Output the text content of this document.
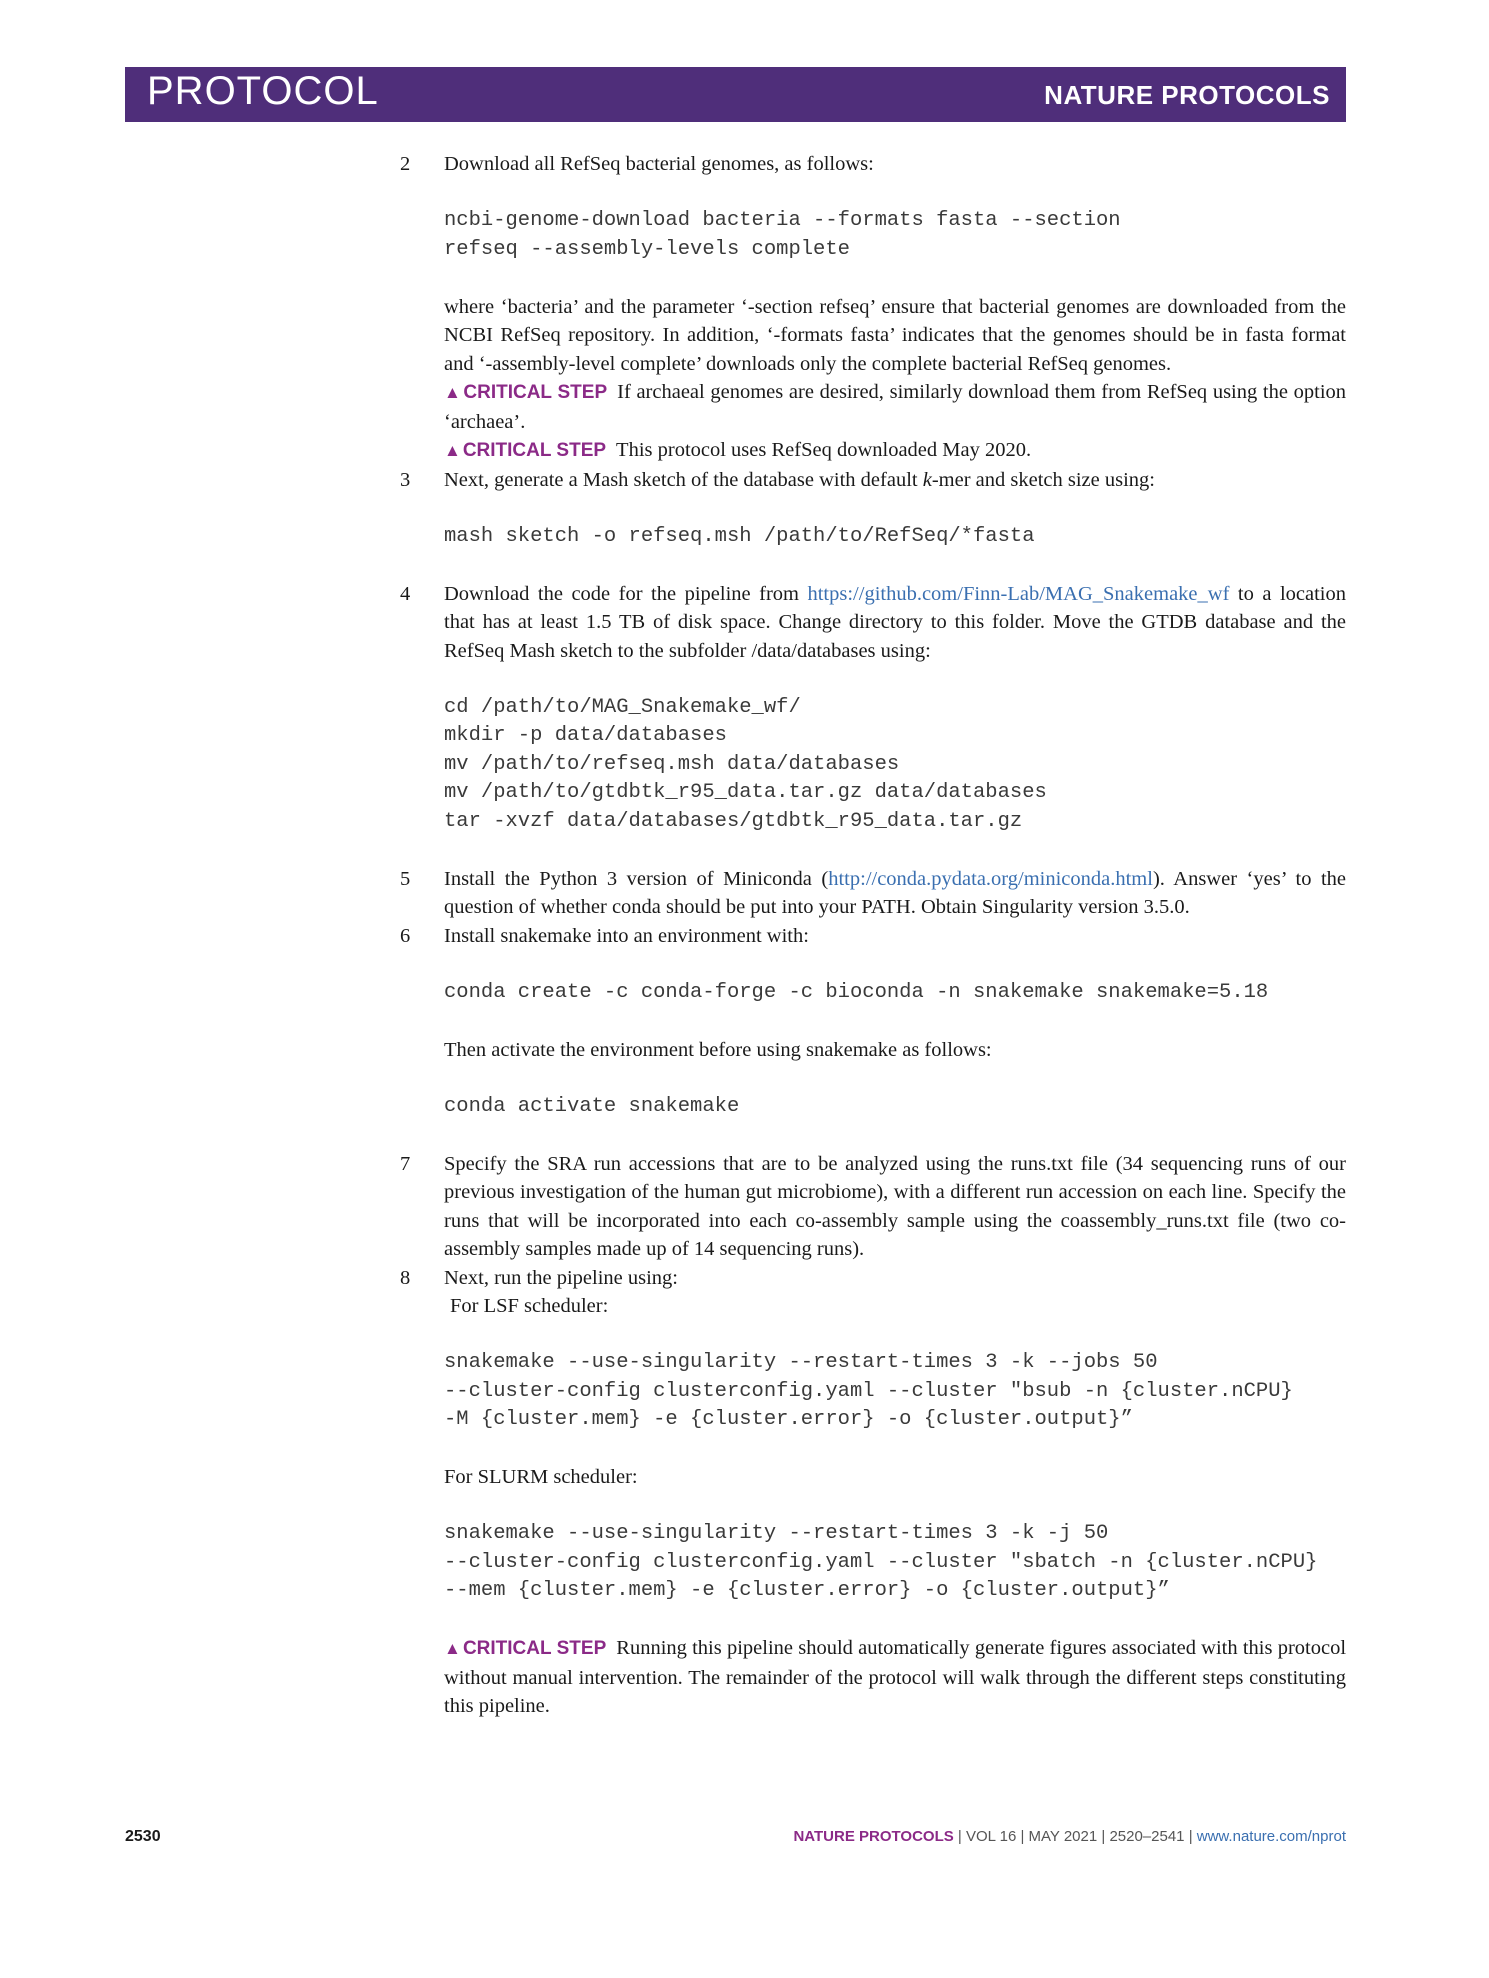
PROTOCOL	NATURE PROTOCOLS
2	Download all RefSeq bacterial genomes, as follows:

ncbi-genome-download bacteria --formats fasta --section
refseq --assembly-levels complete

where ‘bacteria’ and the parameter ‘-section refseq’ ensure that bacterial genomes are downloaded from the NCBI RefSeq repository. In addition, ‘-formats fasta’ indicates that the genomes should be in fasta format and ‘-assembly-level complete’ downloads only the complete bacterial RefSeq genomes.

▲ CRITICAL STEP If archaeal genomes are desired, similarly download them from RefSeq using the option ‘archaea’.

▲ CRITICAL STEP This protocol uses RefSeq downloaded May 2020.

3	Next, generate a Mash sketch of the database with default k-mer and sketch size using:

mash sketch -o refseq.msh /path/to/RefSeq/*fasta
4	Download the code for the pipeline from https://github.com/Finn-Lab/MAG_Snakemake_wf to a location that has at least 1.5 TB of disk space. Change directory to this folder. Move the GTDB database and the RefSeq Mash sketch to the subfolder /data/databases using:

cd /path/to/MAG_Snakemake_wf/
mkdir -p data/databases
mv /path/to/refseq.msh data/databases
mv /path/to/gtdbtk_r95_data.tar.gz data/databases
tar -xvzf data/databases/gtdbtk_r95_data.tar.gz
5	Install the Python 3 version of Miniconda (http://conda.pydata.org/miniconda.html). Answer ‘yes’ to the question of whether conda should be put into your PATH. Obtain Singularity version 3.5.0.

6	Install snakemake into an environment with:

conda create -c conda-forge -c bioconda -n snakemake snakemake=5.18

Then activate the environment before using snakemake as follows:

conda activate snakemake
7	Specify the SRA run accessions that are to be analyzed using the runs.txt file (34 sequencing runs of our previous investigation of the human gut microbiome), with a different run accession on each line. Specify the runs that will be incorporated into each co-assembly sample using the coassembly_runs.txt file (two co-assembly samples made up of 14 sequencing runs).

8	Next, run the pipeline using:

For LSF scheduler:

snakemake --use-singularity --restart-times 3 -k --jobs 50
--cluster-config clusterconfig.yaml --cluster "bsub -n {cluster.nCPU}
-M {cluster.mem} -e {cluster.error} -o {cluster.output}”

For SLURM scheduler:

snakemake --use-singularity --restart-times 3 -k -j 50
--cluster-config clusterconfig.yaml --cluster "sbatch -n {cluster.nCPU}
--mem {cluster.mem} -e {cluster.error} -o {cluster.output}”

▲ CRITICAL STEP Running this pipeline should automatically generate figures associated with this protocol without manual intervention. The remainder of the protocol will walk through the different steps constituting this pipeline.

2530	NATURE PROTOCOLS | VOL 16 | MAY 2021 | 2520–2541 | www.nature.com/nprot
